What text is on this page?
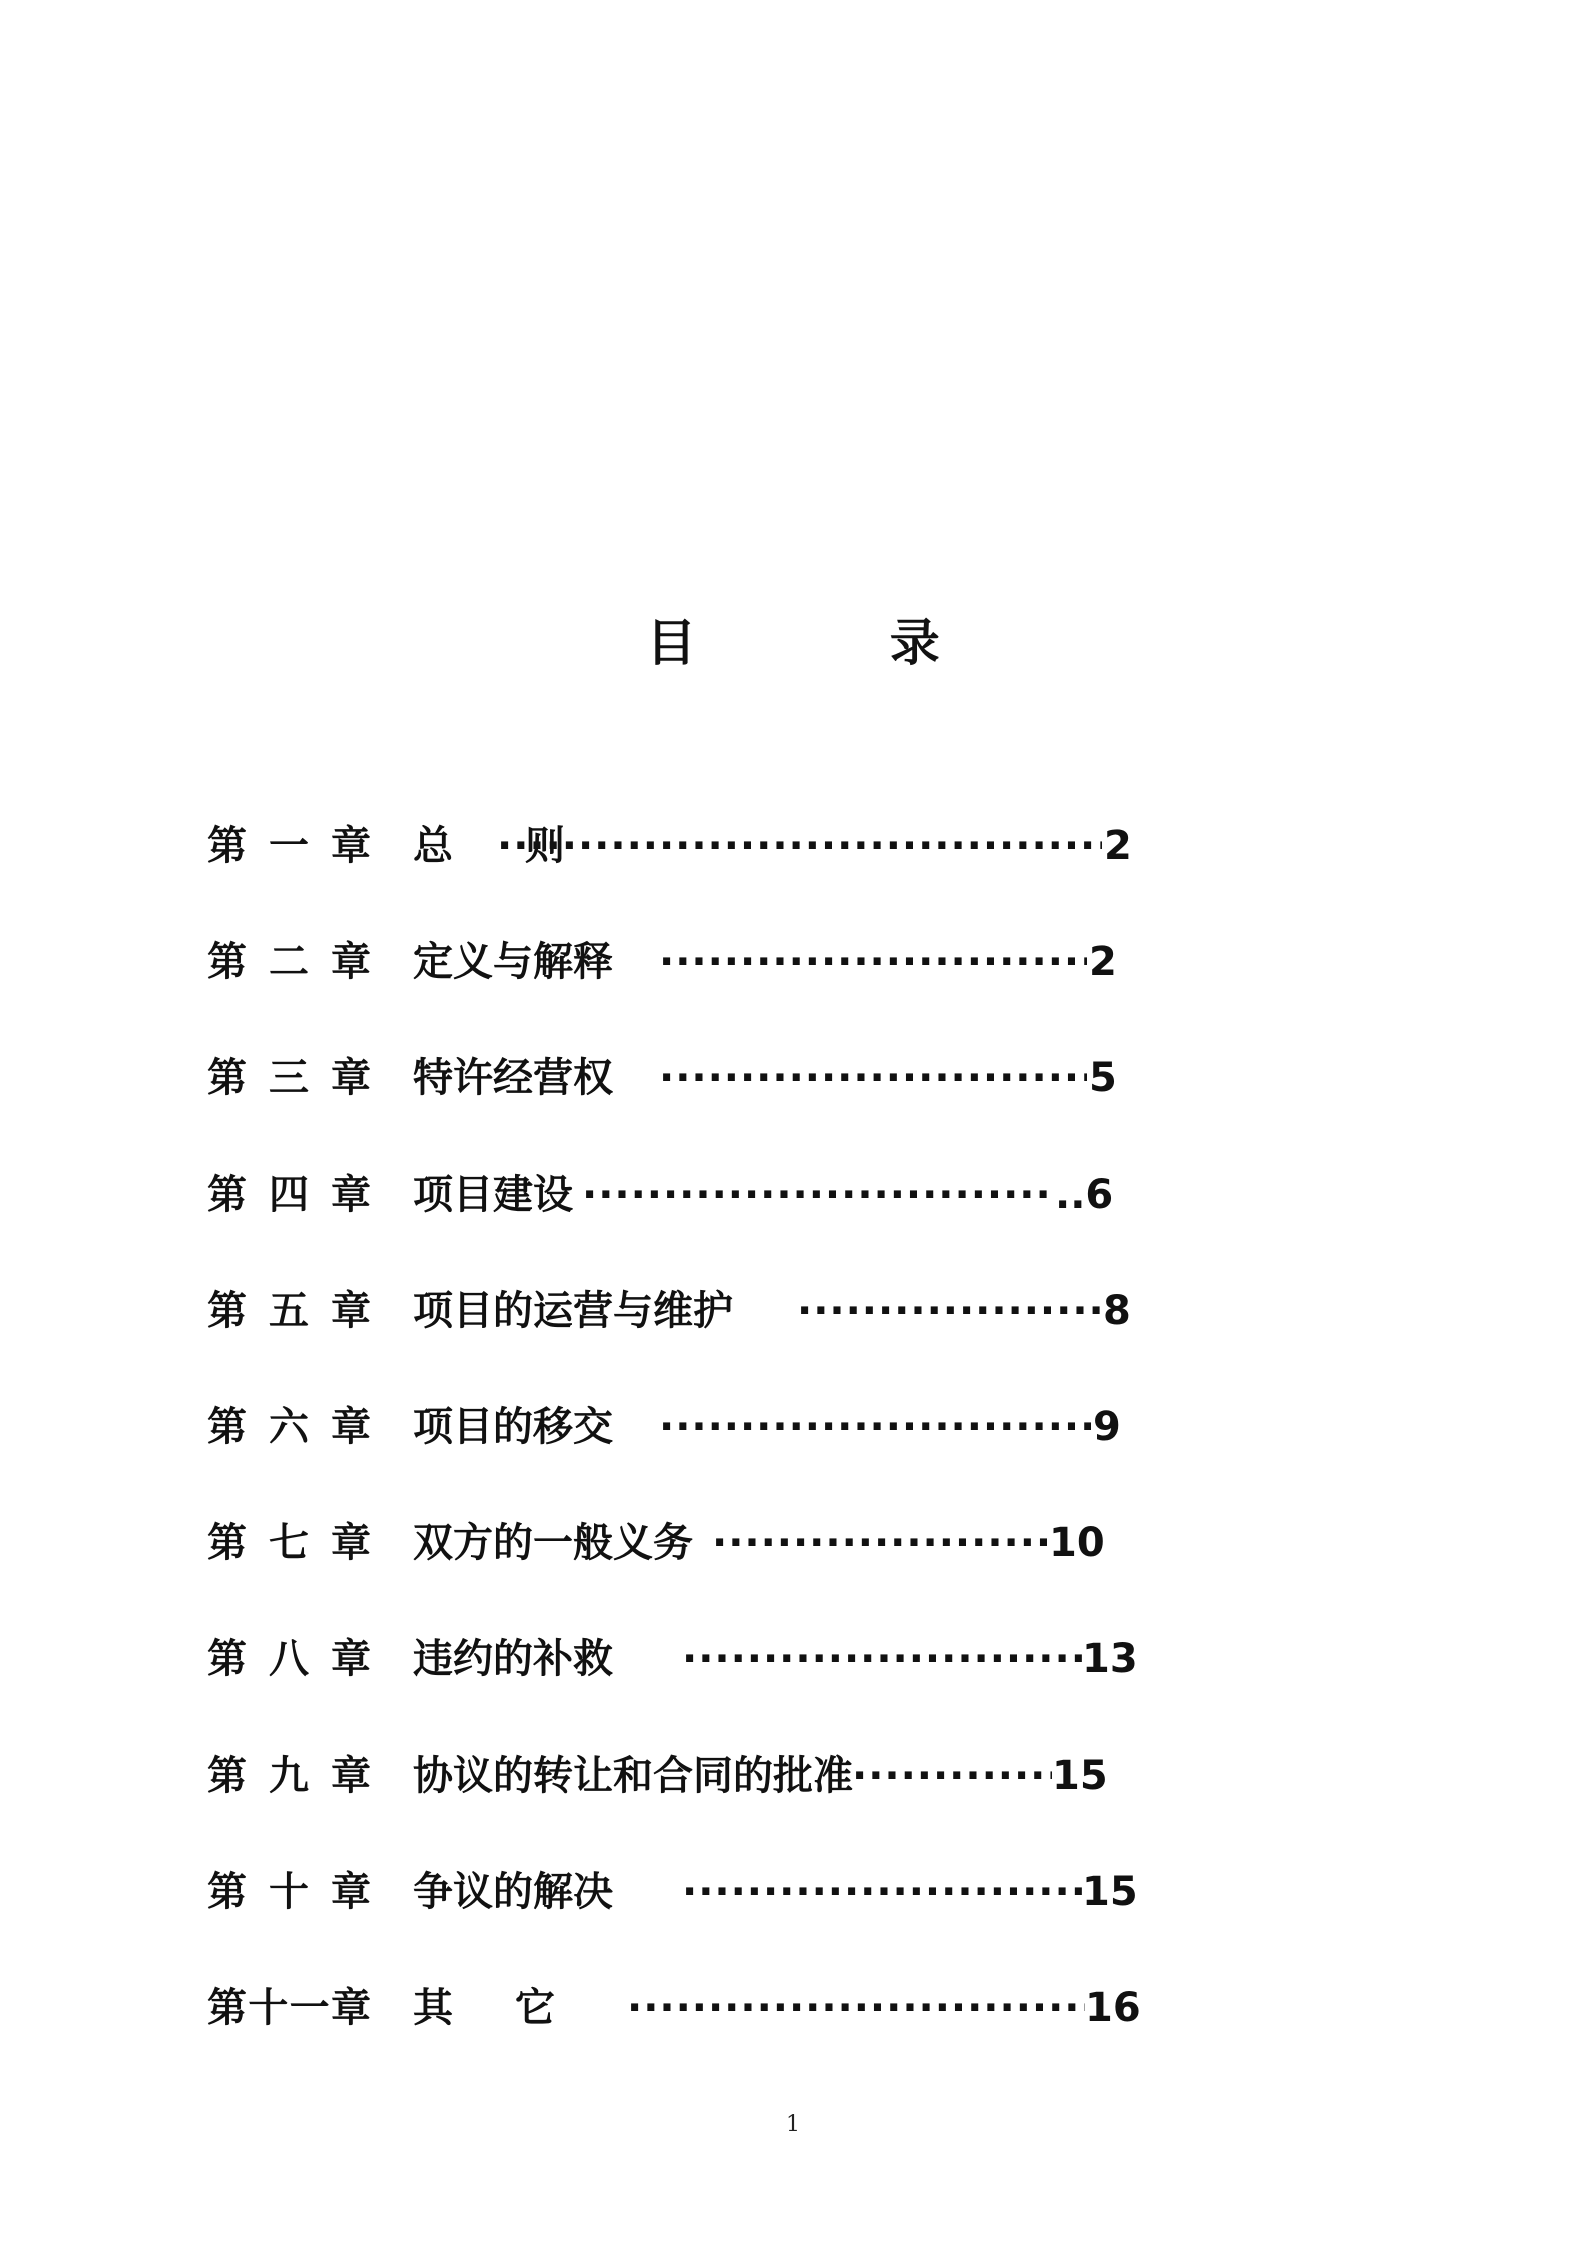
目 录
第 一 章 总 则 ·····	2
第 二 章 定义与解释 ·····	2
第 三 章 特许经营权 ·····	5
第 四 章 项目建设 ·····	..6
第 五 章 项目的运营与维护 ·····	8
第 六 章 项目的移交 ·····	9
第 七 章 双方的一般义务 ·····	10
第 八 章 违约的补救 ·····	13
第 九 章 协议的转让和合同的批准 ·····	15
第 十 章 争议的解决 ·····	15
第 十 一 章 其 它 ·····	16
1
